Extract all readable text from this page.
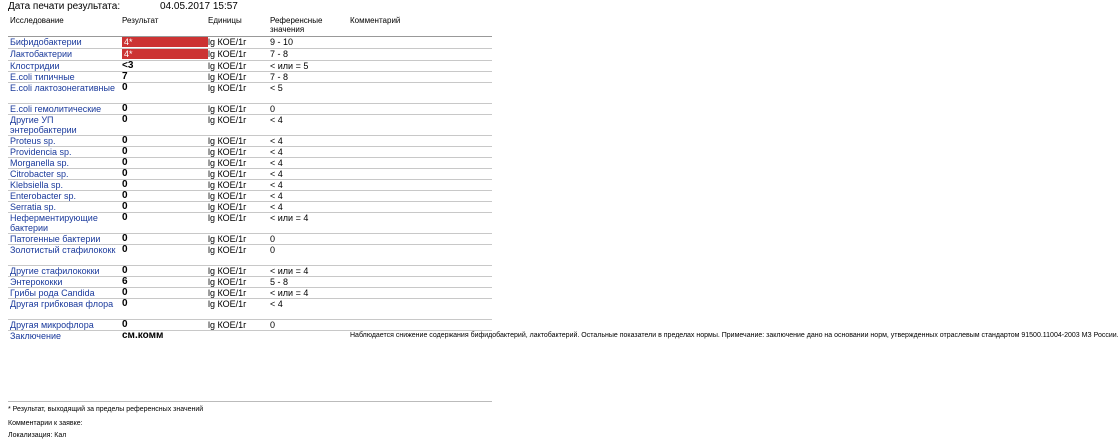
Дата печати результата:	04.05.2017 15:57
Исследование	Результат	Единицы	Референсные значения	Комментарий
Бифидобактерии	4*	lg КОЕ/1г	9 - 10	
Лактобактерии	4*	lg КОЕ/1г	7 - 8	
Клостридии	<3	lg КОЕ/1г	< или = 5	
E.coli типичные	7	lg КОЕ/1г	7 - 8	
E.coli лактозонегативные	0	lg КОЕ/1г	< 5	
E.coli гемолитические	0	lg КОЕ/1г	0	
Другие УП энтеробактерии	0	lg КОЕ/1г	< 4	
Proteus sp.	0	lg КОЕ/1г	< 4	
Providencia sp.	0	lg КОЕ/1г	< 4	
Morganella sp.	0	lg КОЕ/1г	< 4	
Citrobacter sp.	0	lg КОЕ/1г	< 4	
Klebsiella sp.	0	lg КОЕ/1г	< 4	
Enterobacter sp.	0	lg КОЕ/1г	< 4	
Serratia sp.	0	lg КОЕ/1г	< 4	
Неферментирующие бактерии	0	lg КОЕ/1г	< или = 4	
Патогенные бактерии	0	lg КОЕ/1г	0	
Золотистый стафилококк	0	lg КОЕ/1г	0	
Другие стафилококки	0	lg КОЕ/1г	< или = 4	
Энтерококки	6	lg КОЕ/1г	5 - 8	
Грибы рода Candida	0	lg КОЕ/1г	< или = 4	
Другая грибковая флора	0	lg КОЕ/1г	< 4	
Другая микрофлора	0	lg КОЕ/1г	0	
Заключение	см.комм			Наблюдается снижение содержания бифидобактерий, лактобактерий. Остальные показатели в пределах нормы. Примечание: заключение дано на основании норм, утвержденных отраслевым стандартом 91500.11004-2003 МЗ России.
* Результат, выходящий за пределы референсных значений
Комментарии к заявке:
Локализация: Кал
